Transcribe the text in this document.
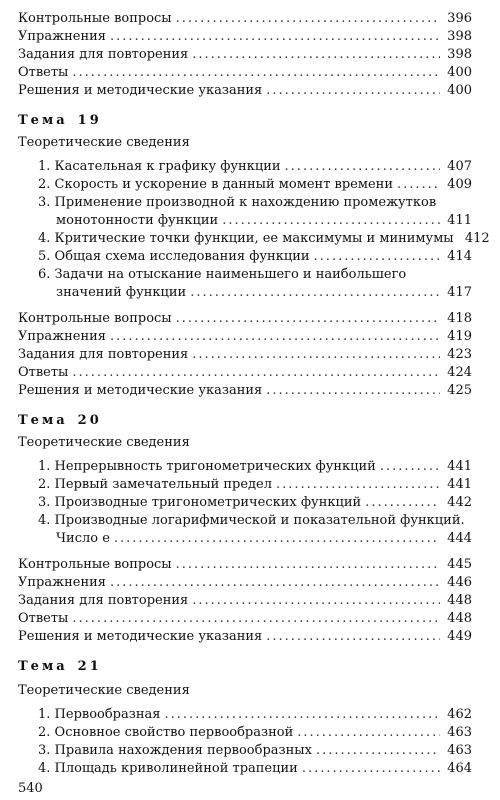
Контрольные вопросы .....	396
Упражнения .....	398
Задания для повторения .....	398
Ответы .....	400
Решения и методические указания .....	400
Тема 19
Теоретические сведения
1. Касательная к графику функции .....	407
2. Скорость и ускорение в данный момент времени .....	409
3. Применение производной к нахождению промежутков
монотонности функции .....	411
4. Критические точки функции, ее максимумы и минимумы 412
5. Общая схема исследования функции .....	414
6. Задачи на отыскание наименьшего и наибольшего
значений функции .....	417
Контрольные вопросы .....	418
Упражнения .....	419
Задания для повторения .....	423
Ответы .....	424
Решения и методические указания .....	425
Тема 20
Теоретические сведения
1. Непрерывность тригонометрических функций .....	441
2. Первый замечательный предел .....	441
3. Производные тригонометрических функций .....	442
4. Производные логарифмической и показательной функций.
Число e .....	444
Контрольные вопросы .....	445
Упражнения .....	446
Задания для повторения .....	448
Ответы .....	448
Решения и методические указания .....	449
Тема 21
Теоретические сведения
1. Первообразная .....	462
2. Основное свойство первообразной .....	463
3. Правила нахождения первообразных .....	463
4. Площадь криволинейной трапеции .....	464
540
